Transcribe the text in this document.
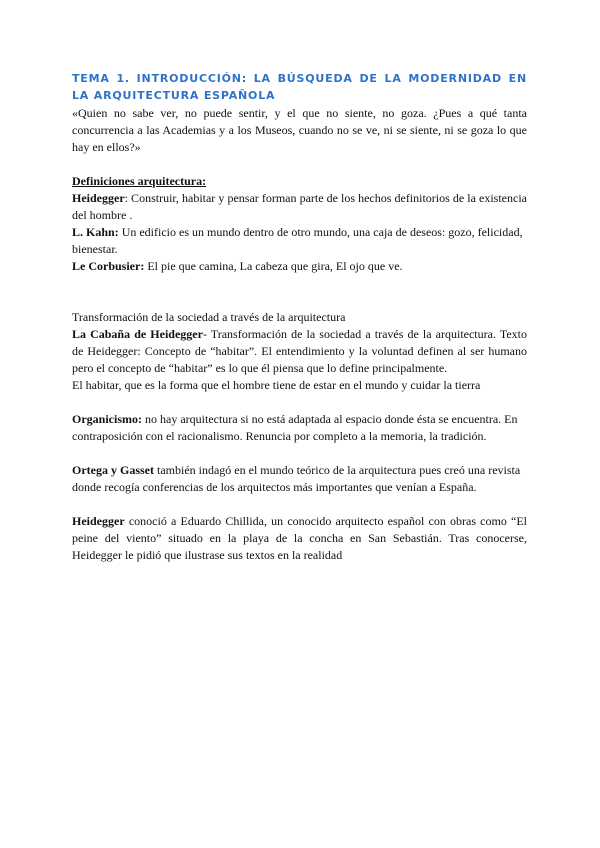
TEMA 1. INTRODUCCIÓN: LA BÚSQUEDA DE LA MODERNIDAD EN LA ARQUITECTURA ESPAÑOLA

«Quien no sabe ver, no puede sentir, y el que no siente, no goza. ¿Pues a qué tanta concurrencia a las Academias y a los Museos, cuando no se ve, ni se siente, ni se goza lo que hay en ellos?»

Definiciones arquitectura:

Heidegger: Construir, habitar y pensar forman parte de los hechos definitorios de la existencia del hombre .

L. Kahn: Un edificio es un mundo dentro de otro mundo, una caja de deseos: gozo, felicidad, bienestar.

Le Corbusier: El pie que camina, La cabeza que gira, El ojo que ve.

Transformación de la sociedad a través de la arquitectura

La Cabaña de Heidegger- Transformación de la sociedad a través de la arquitectura. Texto de Heidegger: Concepto de “habitar”. El entendimiento y la voluntad definen al ser humano pero el concepto de “habitar” es lo que él piensa que lo define principalmente.

El habitar, que es la forma que el hombre tiene de estar en el mundo y cuidar la tierra

Organicismo: no hay arquitectura si no está adaptada al espacio donde ésta se encuentra. En contraposición con el racionalismo. Renuncia por completo a la memoria, la tradición.

Ortega y Gasset también indagó en el mundo teórico de la arquitectura pues creó una revista donde recogía conferencias de los arquitectos más importantes que venían a España.

Heidegger conoció a Eduardo Chillida, un conocido arquitecto español con obras como “El peine del viento” situado en la playa de la concha en San Sebastián. Tras conocerse, Heidegger le pidió que ilustrase sus textos en la realidad
